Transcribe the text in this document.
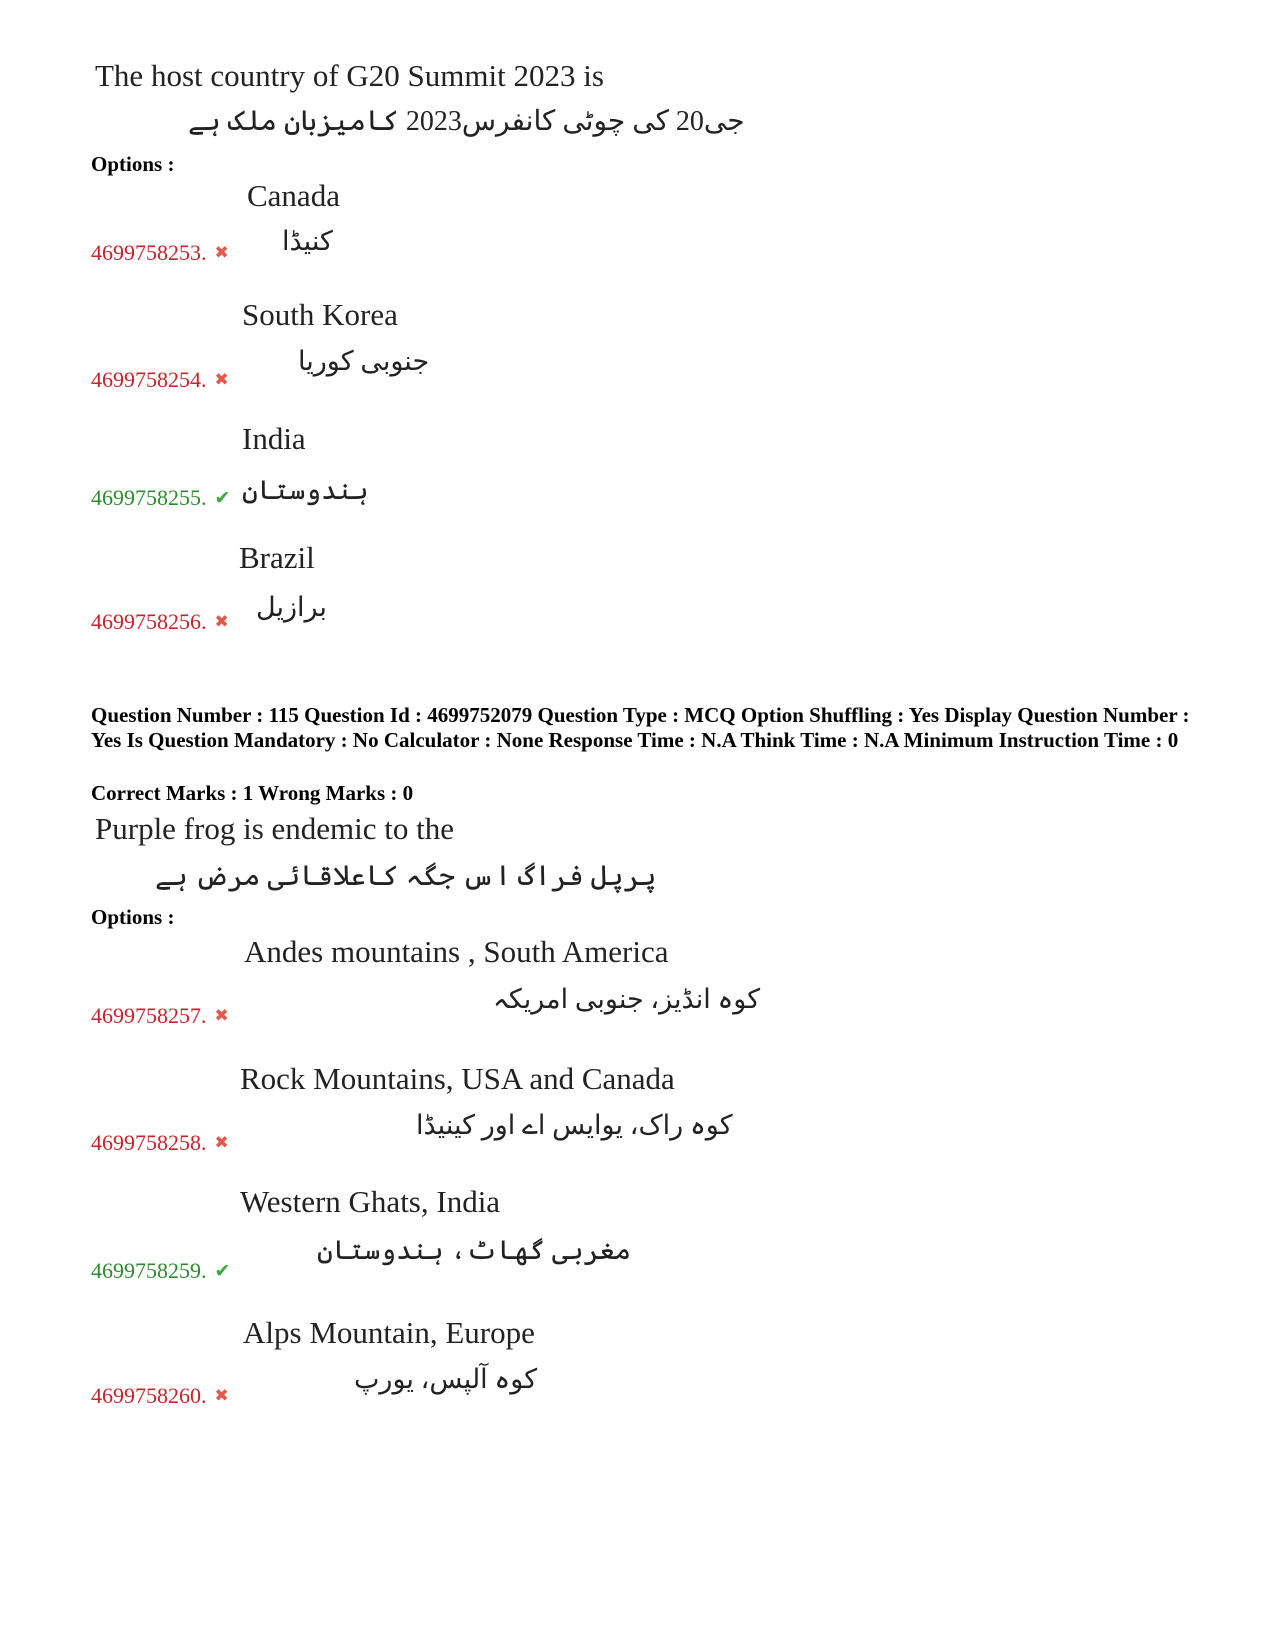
The host country of G20 Summit 2023 is
جی20 کی چوٹی کانفرس2023 کامیزبان ملک ہے
Options :
Canada
کنیڈا
4699758253. ✖
South Korea
جنوبی کوریا
4699758254. ✖
India
ہندوستان
4699758255. ✔
Brazil
برازیل
4699758256. ✖
Question Number : 115 Question Id : 4699752079 Question Type : MCQ Option Shuffling : Yes Display Question Number : Yes Is Question Mandatory : No Calculator : None Response Time : N.A Think Time : N.A Minimum Instruction Time : 0
Correct Marks : 1 Wrong Marks : 0
Purple frog is endemic to the
پرپل فراگ اس جگہ کاعلاقائی مرض ہے
Options :
Andes mountains , South America
کوہ انڈیز، جنوبی امریکہ
4699758257. ✖
Rock Mountains, USA and Canada
کوہ راک، یوایس اے اور کینیڈا
4699758258. ✖
Western Ghats, India
مغربی گھاٹ، ہندوستان
4699758259. ✔
Alps Mountain, Europe
کوہ آلپس، یورپ
4699758260. ✖
